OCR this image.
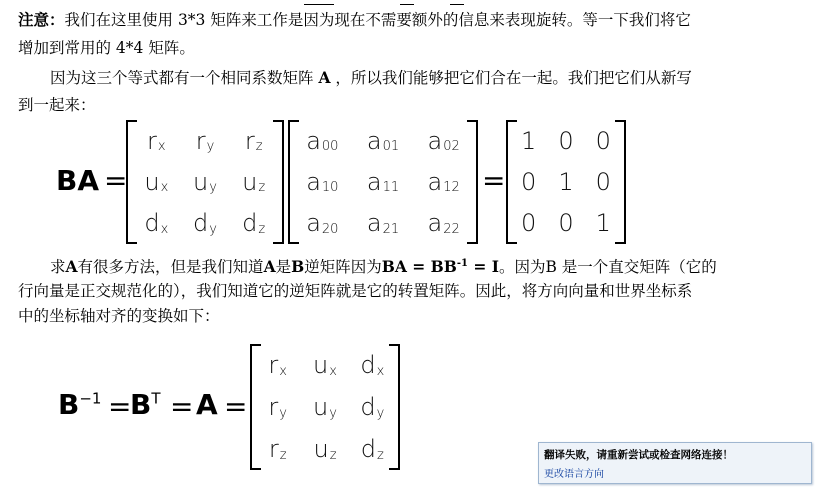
注意：我们在这里使用 3*3 矩阵来工作是因为现在不需要额外的信息来表现旋转。等一下我们将它
增加到常用的 4*4 矩阵。
因为这三个等式都有一个相同系数矩阵 A ，所以我们能够把它们合在一起。我们把它们从新写
到一起来：
BA =
$r_x$ $r_y$ $r_z$
$u_x$ $u_y$ $u_z$
$d_x$ $d_y$ $d_z$
$a_{00}$ $a_{01}$ $a_{02}$
$a_{10}$ $a_{11}$ $a_{12}$
$a_{20}$ $a_{21}$ $a_{22}$
=
1 0 0
0 1 0
0 0 1
求A有很多方法，但是我们知道A是B逆矩阵因为BA = $BB^{-1} = I$。因为B 是一个直交矩阵（它的
行向量是正交规范化的），我们知道它的逆矩阵就是它的转置矩阵。因此，将方向向量和世界坐标系
中的坐标轴对齐的变换如下：
$B^{-1}$ =
$B^T = A$ =
$r_x$ $u_x$ $d_x$
$r_y$ $u_y$ $d_y$
$r_z$ $u_z$ $d_z$	翻译失败，请重新尝试或检查网络连接！
更改语言方向
